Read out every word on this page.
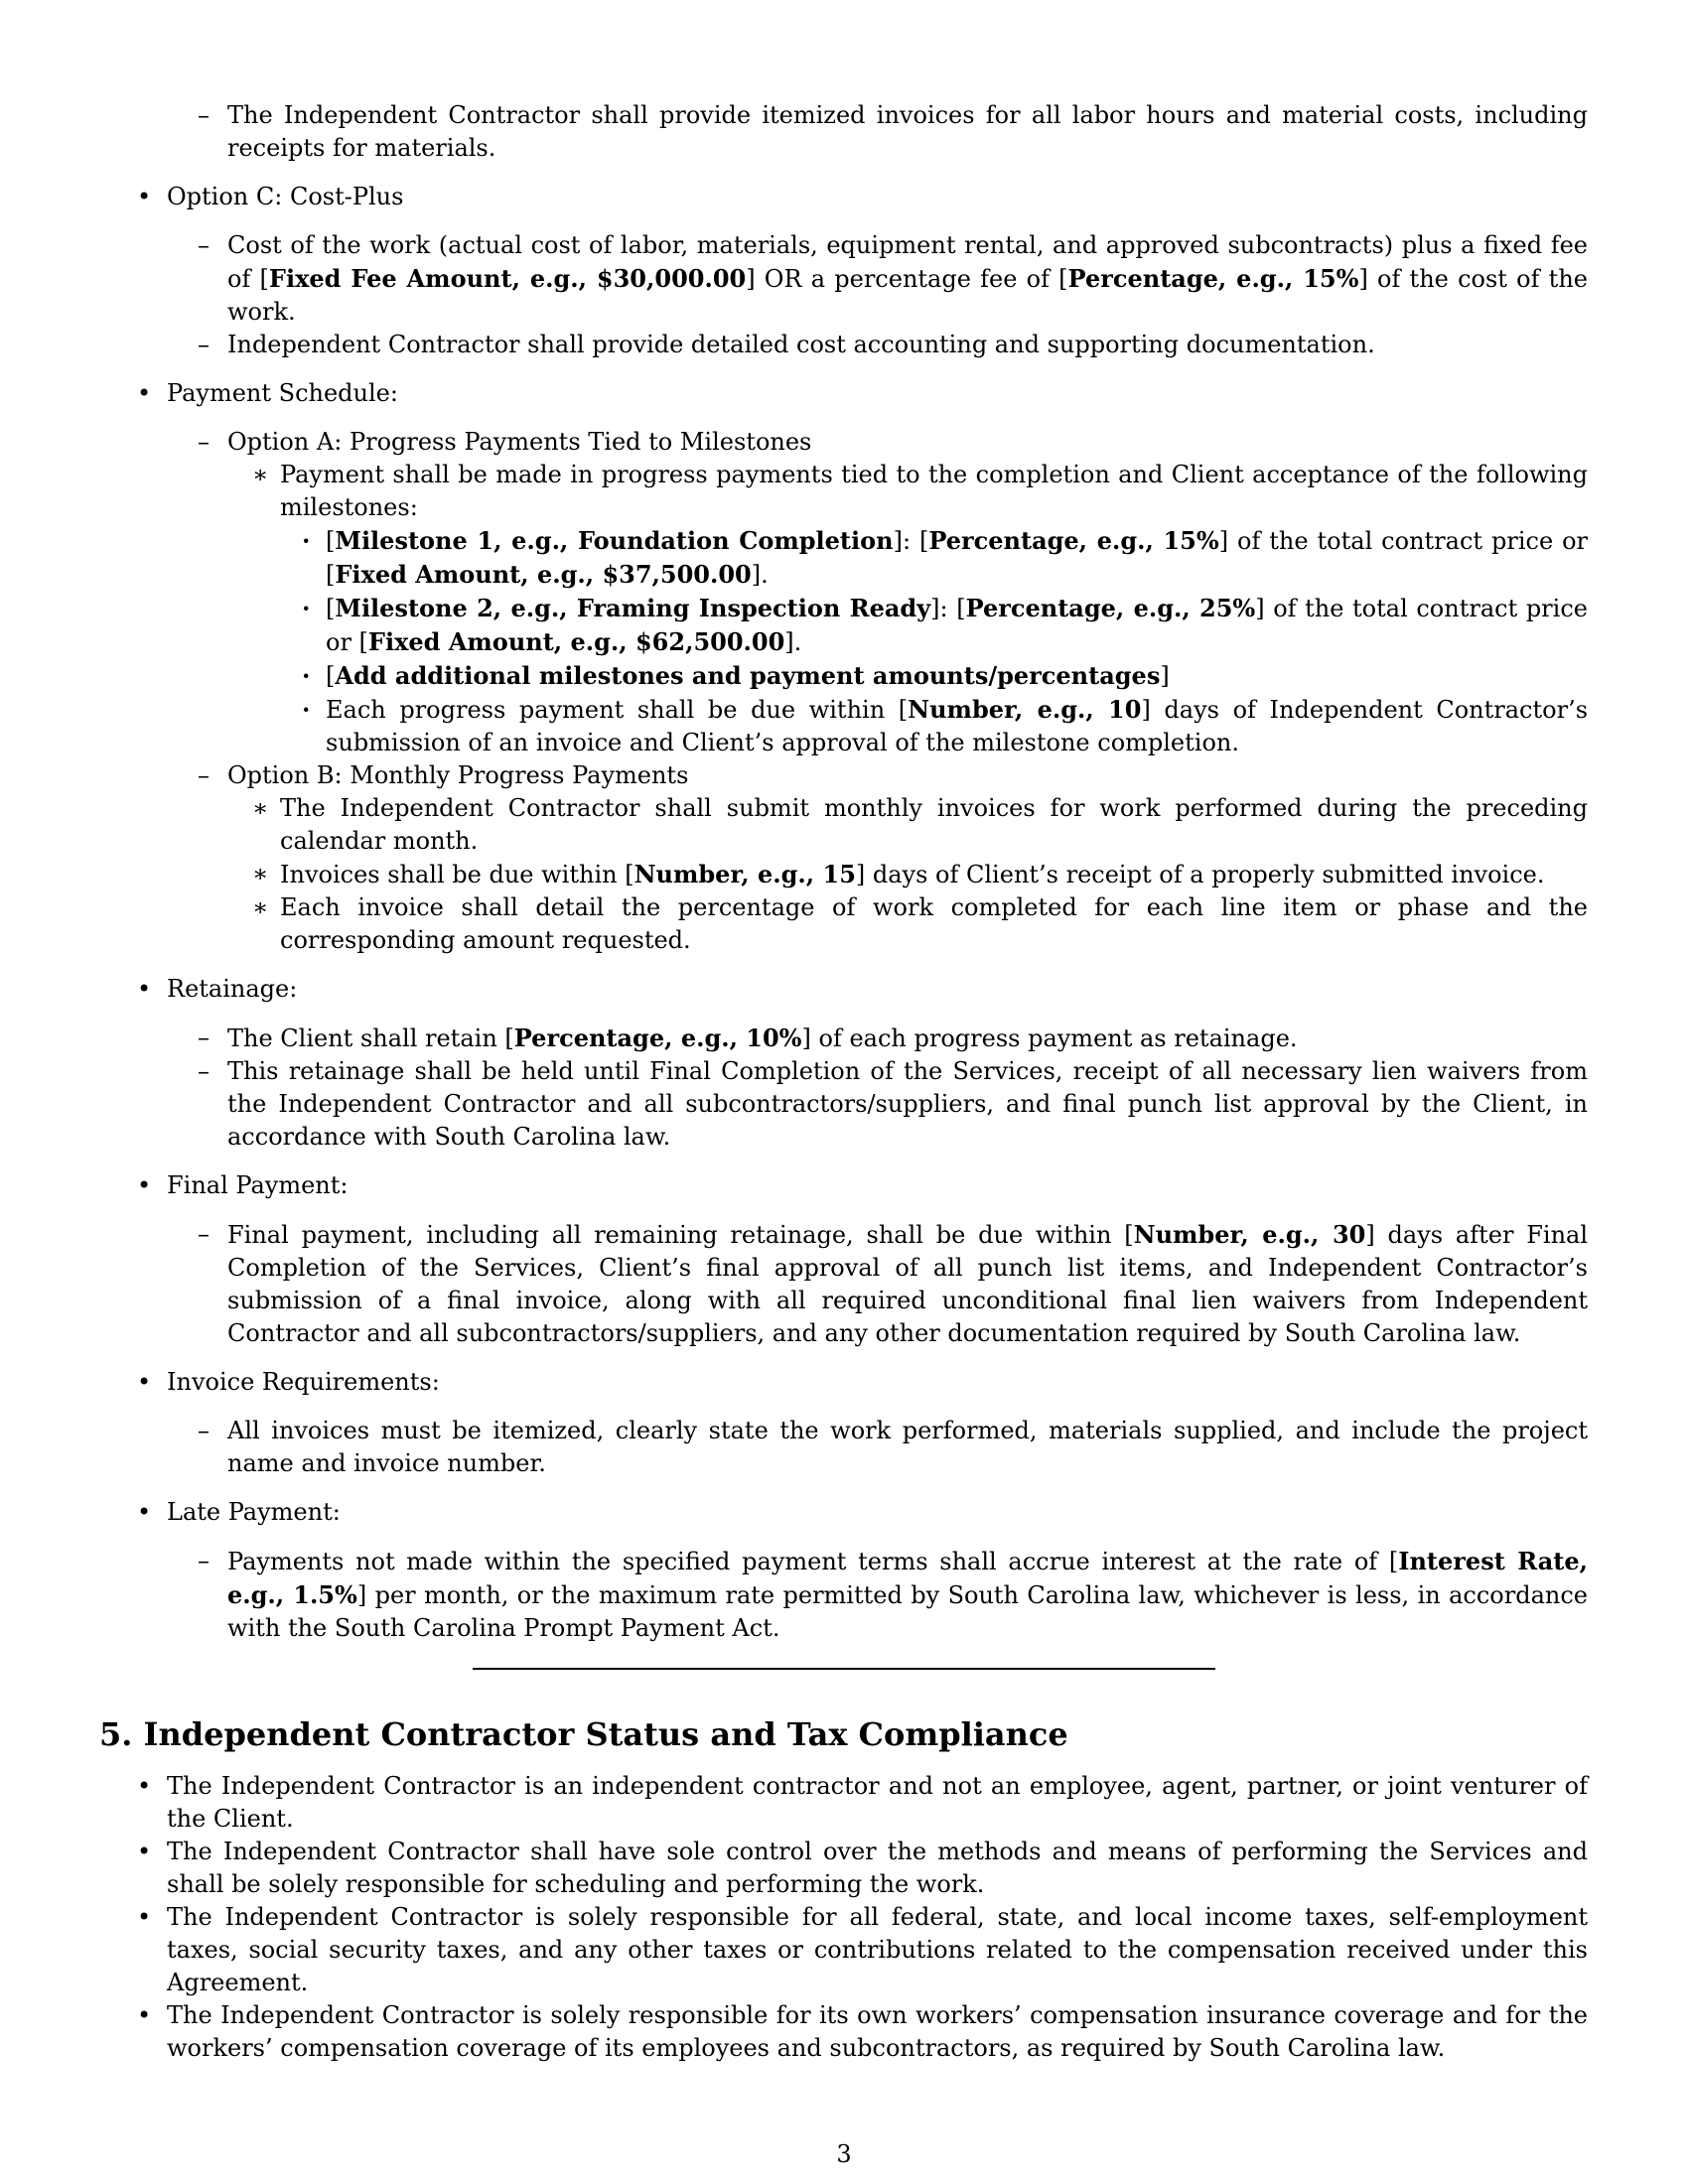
– The Independent Contractor shall provide itemized invoices for all labor hours and material costs, including receipts for materials.
• Option C: Cost-Plus
– Cost of the work (actual cost of labor, materials, equipment rental, and approved subcontracts) plus a fixed fee of [Fixed Fee Amount, e.g., $30,000.00] OR a percentage fee of [Percentage, e.g., 15%] of the cost of the work.
– Independent Contractor shall provide detailed cost accounting and supporting documentation.
• Payment Schedule:
– Option A: Progress Payments Tied to Milestones
∗ Payment shall be made in progress payments tied to the completion and Client acceptance of the following milestones:
· [Milestone 1, e.g., Foundation Completion]: [Percentage, e.g., 15%] of the total contract price or [Fixed Amount, e.g., $37,500.00].
· [Milestone 2, e.g., Framing Inspection Ready]: [Percentage, e.g., 25%] of the total contract price or [Fixed Amount, e.g., $62,500.00].
· [Add additional milestones and payment amounts/percentages]
· Each progress payment shall be due within [Number, e.g., 10] days of Independent Contractor’s submission of an invoice and Client’s approval of the milestone completion.
– Option B: Monthly Progress Payments
∗ The Independent Contractor shall submit monthly invoices for work performed during the preceding calendar month.
∗ Invoices shall be due within [Number, e.g., 15] days of Client’s receipt of a properly submitted invoice.
∗ Each invoice shall detail the percentage of work completed for each line item or phase and the corresponding amount requested.
• Retainage:
– The Client shall retain [Percentage, e.g., 10%] of each progress payment as retainage.
– This retainage shall be held until Final Completion of the Services, receipt of all necessary lien waivers from the Independent Contractor and all subcontractors/suppliers, and final punch list approval by the Client, in accordance with South Carolina law.
• Final Payment:
– Final payment, including all remaining retainage, shall be due within [Number, e.g., 30] days after Final Completion of the Services, Client’s final approval of all punch list items, and Independent Contractor’s submission of a final invoice, along with all required unconditional final lien waivers from Independent Contractor and all subcontractors/suppliers, and any other documentation required by South Carolina law.
• Invoice Requirements:
– All invoices must be itemized, clearly state the work performed, materials supplied, and include the project name and invoice number.
• Late Payment:
– Payments not made within the specified payment terms shall accrue interest at the rate of [Interest Rate, e.g., 1.5%] per month, or the maximum rate permitted by South Carolina law, whichever is less, in accordance with the South Carolina Prompt Payment Act.
5. Independent Contractor Status and Tax Compliance
• The Independent Contractor is an independent contractor and not an employee, agent, partner, or joint venturer of the Client.
• The Independent Contractor shall have sole control over the methods and means of performing the Services and shall be solely responsible for scheduling and performing the work.
• The Independent Contractor is solely responsible for all federal, state, and local income taxes, self-employment taxes, social security taxes, and any other taxes or contributions related to the compensation received under this Agreement.
• The Independent Contractor is solely responsible for its own workers’ compensation insurance coverage and for the workers’ compensation coverage of its employees and subcontractors, as required by South Carolina law.
3
